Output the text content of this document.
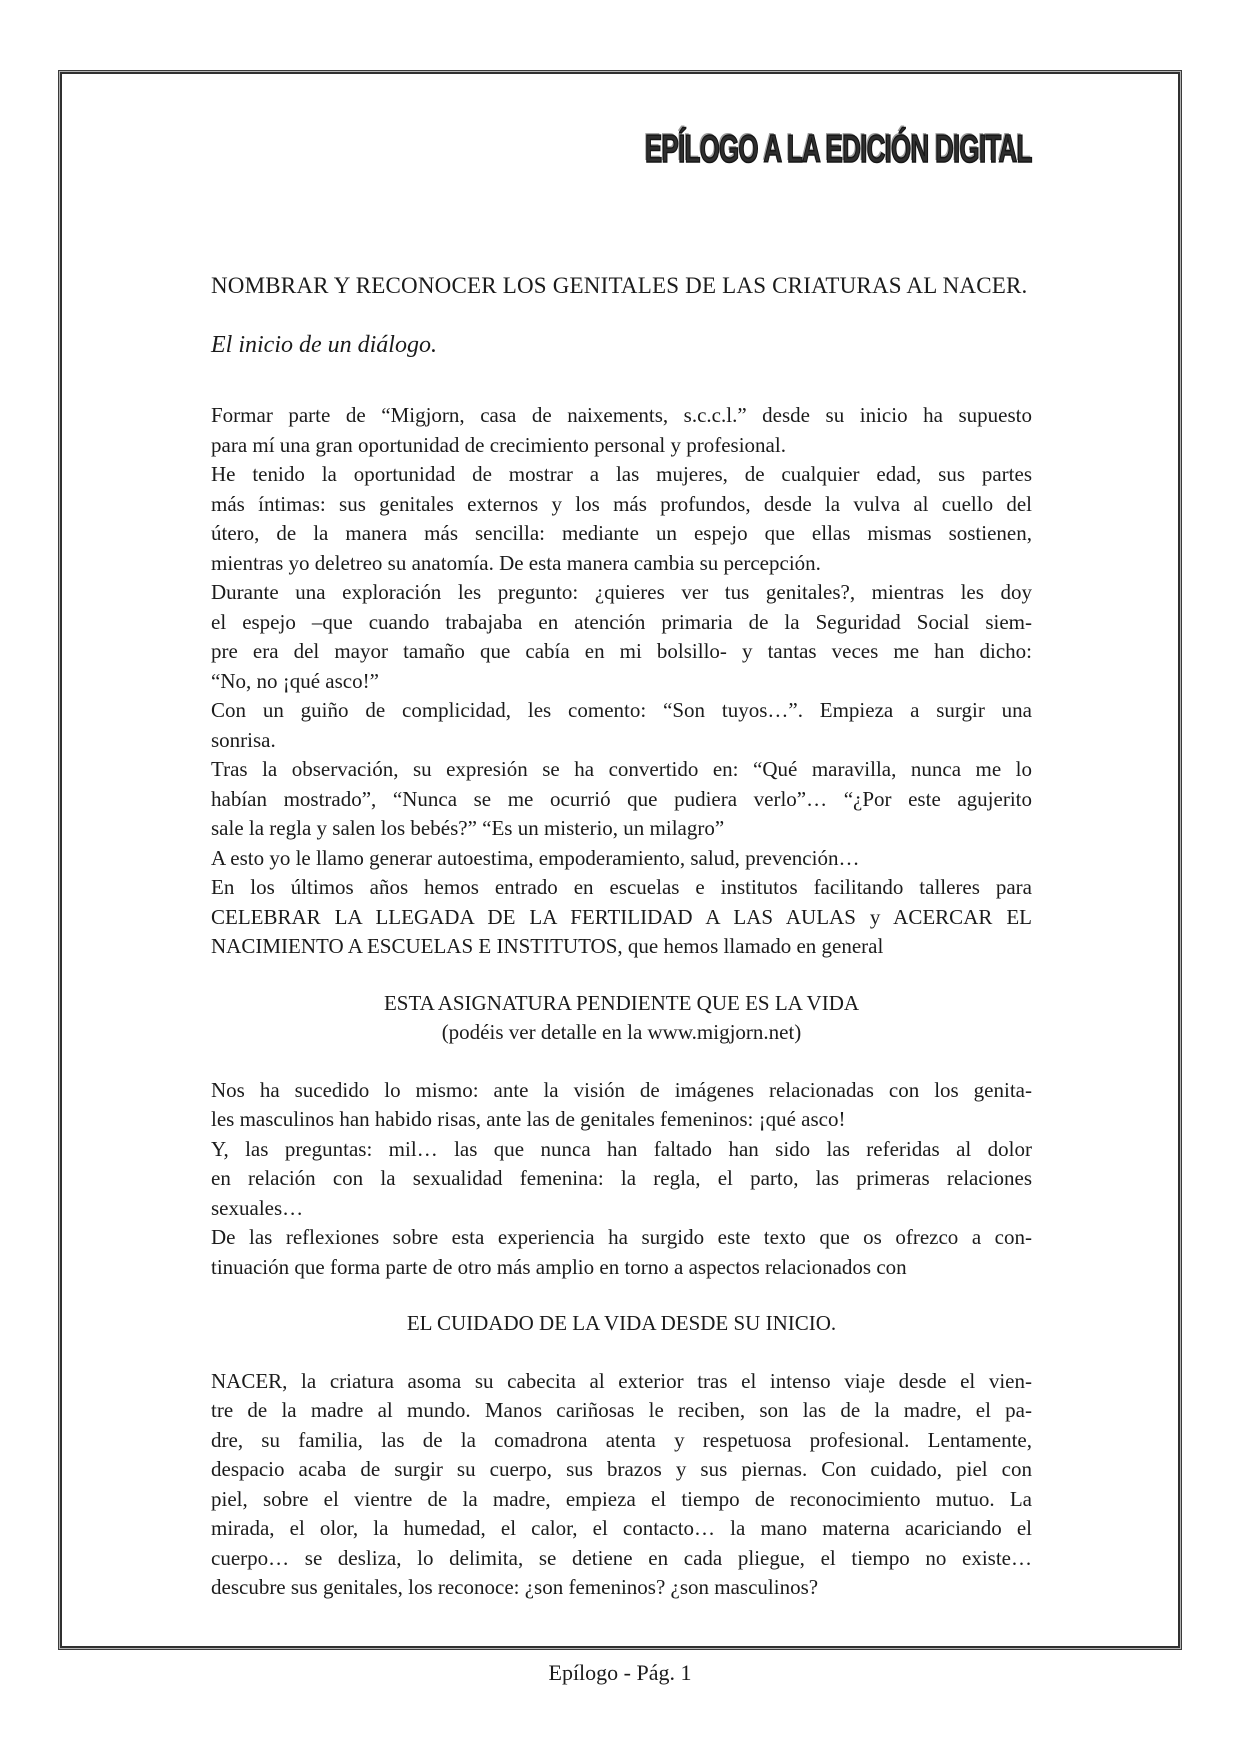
EPÍLOGO A LA EDICIÓN DIGITAL
NOMBRAR Y RECONOCER LOS GENITALES DE LAS CRIATURAS AL NACER.
El inicio de un diálogo.
Formar parte de “Migjorn, casa de naixements, s.c.c.l.” desde su inicio ha supuesto
para mí una gran oportunidad de crecimiento personal y profesional.
He tenido la oportunidad de mostrar a las mujeres, de cualquier edad, sus partes
más íntimas: sus genitales externos y los más profundos, desde la vulva al cuello del
útero, de la manera más sencilla: mediante un espejo que ellas mismas sostienen,
mientras yo deletreo su anatomía. De esta manera cambia su percepción.
Durante una exploración les pregunto: ¿quieres ver tus genitales?, mientras les doy
el espejo –que cuando trabajaba en atención primaria de la Seguridad Social siem-
pre era del mayor tamaño que cabía en mi bolsillo- y tantas veces me han dicho:
“No, no ¡qué asco!”
Con un guiño de complicidad, les comento: “Son tuyos…”. Empieza a surgir una
sonrisa.
Tras la observación, su expresión se ha convertido en: “Qué maravilla, nunca me lo
habían mostrado”, “Nunca se me ocurrió que pudiera verlo”… “¿Por este agujerito
sale la regla y salen los bebés?” “Es un misterio, un milagro”
A esto yo le llamo generar autoestima, empoderamiento, salud, prevención…
En los últimos años hemos entrado en escuelas e institutos facilitando talleres para
CELEBRAR LA LLEGADA DE LA FERTILIDAD A LAS AULAS y ACERCAR EL
NACIMIENTO A ESCUELAS E INSTITUTOS, que hemos llamado en general
ESTA ASIGNATURA PENDIENTE QUE ES LA VIDA
(podéis ver detalle en la www.migjorn.net)
Nos ha sucedido lo mismo: ante la visión de imágenes relacionadas con los genita-
les masculinos han habido risas, ante las de genitales femeninos: ¡qué asco!
Y, las preguntas: mil… las que nunca han faltado han sido las referidas al dolor
en relación con la sexualidad femenina: la regla, el parto, las primeras relaciones
sexuales…
De las reflexiones sobre esta experiencia ha surgido este texto que os ofrezco a con-
tinuación que forma parte de otro más amplio en torno a aspectos relacionados con
EL CUIDADO DE LA VIDA DESDE SU INICIO.
NACER, la criatura asoma su cabecita al exterior tras el intenso viaje desde el vien-
tre de la madre al mundo. Manos cariñosas le reciben, son las de la madre, el pa-
dre, su familia, las de la comadrona atenta y respetuosa profesional. Lentamente,
despacio acaba de surgir su cuerpo, sus brazos y sus piernas. Con cuidado, piel con
piel, sobre el vientre de la madre, empieza el tiempo de reconocimiento mutuo. La
mirada, el olor, la humedad, el calor, el contacto… la mano materna acariciando el
cuerpo… se desliza, lo delimita, se detiene en cada pliegue, el tiempo no existe…
descubre sus genitales, los reconoce: ¿son femeninos? ¿son masculinos?
Epílogo - Pág. 1
